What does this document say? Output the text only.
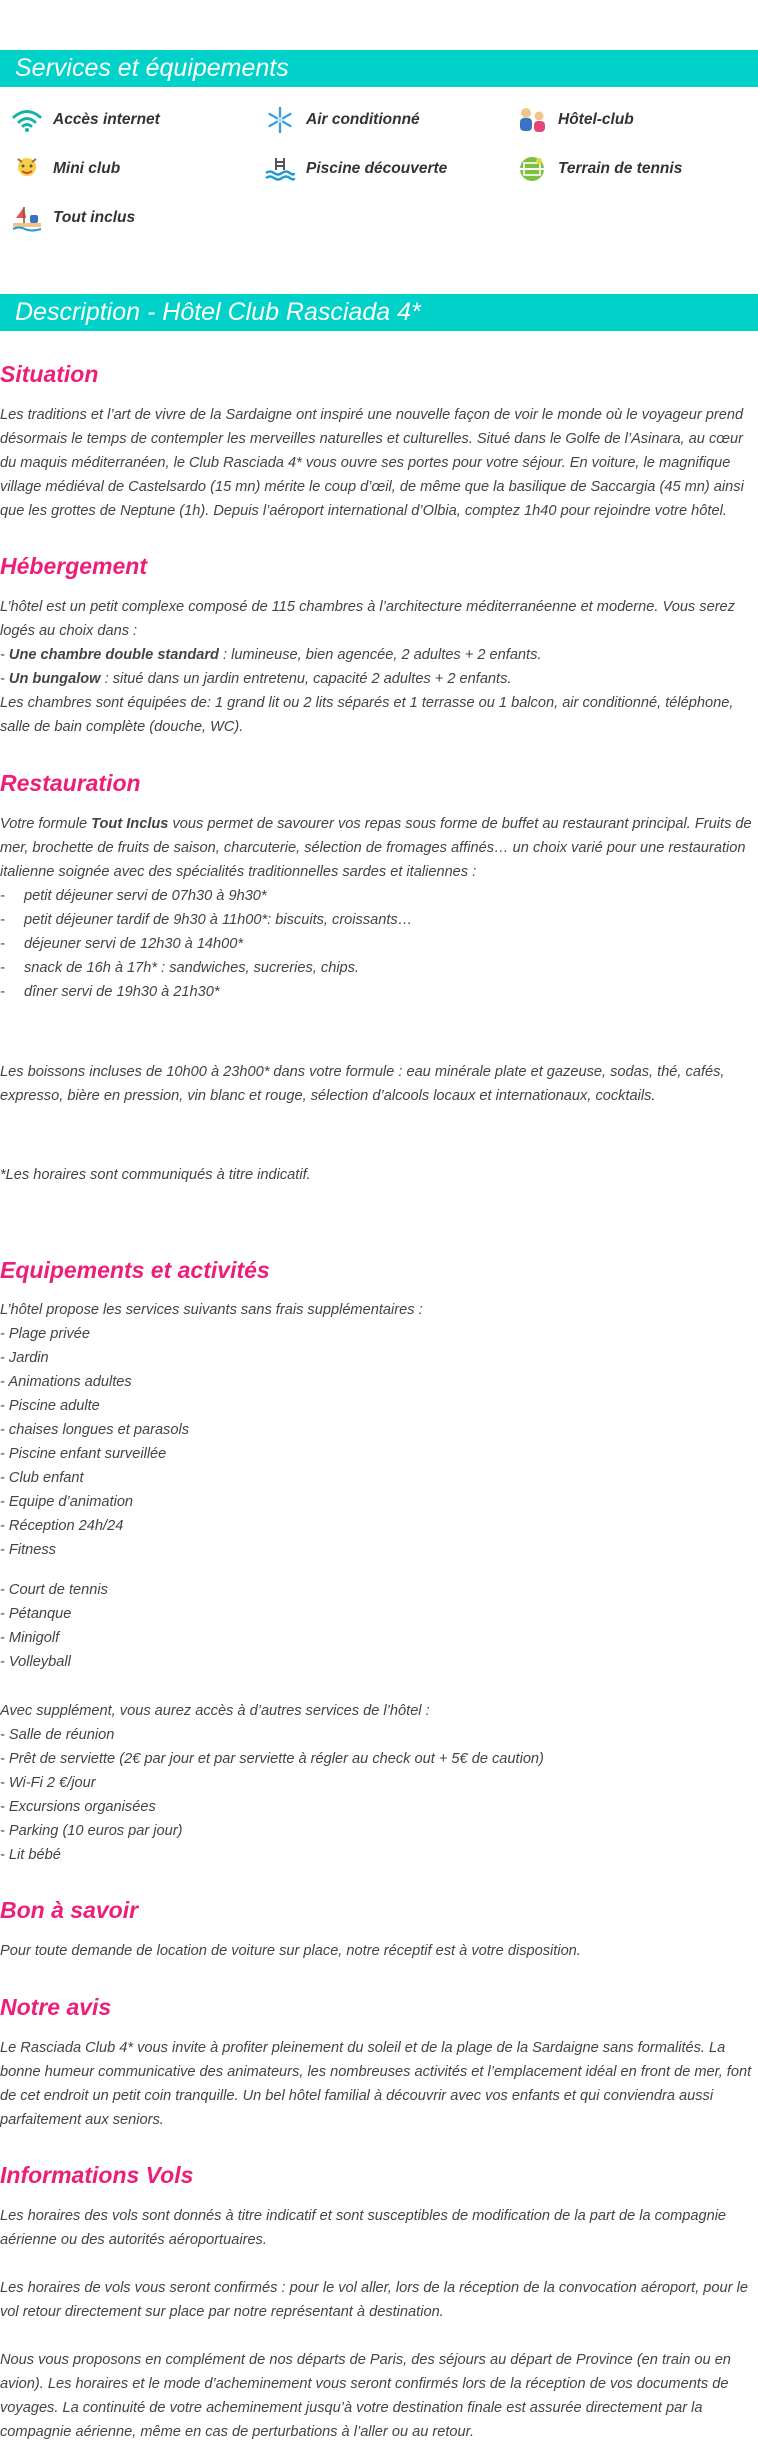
Services et équipements
Accès internet	Air conditionné	Hôtel-club
Mini club	Piscine découverte	Terrain de tennis
Tout inclus
Description - Hôtel Club Rasciada 4*
Situation

Les traditions et l’art de vivre de la Sardaigne ont inspiré une nouvelle façon de voir le monde où le voyageur prend désormais le temps de contempler les merveilles naturelles et culturelles. Situé dans le Golfe de l’Asinara, au cœur du maquis méditerranéen, le Club Rasciada 4* vous ouvre ses portes pour votre séjour. En voiture, le magnifique village médiéval de Castelsardo (15 mn) mérite le coup d’œil, de même que la basilique de Saccargia (45 mn) ainsi que les grottes de Neptune (1h). Depuis l’aéroport international d’Olbia, comptez 1h40 pour rejoindre votre hôtel.

Hébergement

L’hôtel est un petit complexe composé de 115 chambres à l’architecture méditerranéenne et moderne. Vous serez logés au choix dans :

- Une chambre double standard : lumineuse, bien agencée, 2 adultes + 2 enfants.

- Un bungalow : situé dans un jardin entretenu, capacité 2 adultes + 2 enfants.

Les chambres sont équipées de: 1 grand lit ou 2 lits séparés et 1 terrasse ou 1 balcon, air conditionné, téléphone, salle de bain complète (douche, WC).

Restauration

Votre formule Tout Inclus vous permet de savourer vos repas sous forme de buffet au restaurant principal. Fruits de mer, brochette de fruits de saison, charcuterie, sélection de fromages affinés… un choix varié pour une restauration italienne soignée avec des spécialités traditionnelles sardes et italiennes :

- petit déjeuner servi de 07h30 à 9h30*
- petit déjeuner tardif de 9h30 à 11h00*: biscuits, croissants…
- déjeuner servi de 12h30 à 14h00*
- snack de 16h à 17h* : sandwiches, sucreries, chips.
- dîner servi de 19h30 à 21h30*

Les boissons incluses de 10h00 à 23h00* dans votre formule : eau minérale plate et gazeuse, sodas, thé, cafés, expresso, bière en pression, vin blanc et rouge, sélection d’alcools locaux et internationaux, cocktails.

*Les horaires sont communiqués à titre indicatif.

Equipements et activités

L’hôtel propose les services suivants sans frais supplémentaires :

- Plage privée

- Jardin

- Animations adultes

- Piscine adulte

- chaises longues et parasols

- Piscine enfant surveillée

- Club enfant

- Equipe d’animation

- Réception 24h/24

- Fitness

- Court de tennis

- Pétanque

- Minigolf

- Volleyball

Avec supplément, vous aurez accès à d’autres services de l’hôtel :

- Salle de réunion

- Prêt de serviette (2€ par jour et par serviette à régler au check out + 5€ de caution)

- Wi-Fi 2 €/jour

- Excursions organisées

- Parking (10 euros par jour)

- Lit bébé

Bon à savoir

Pour toute demande de location de voiture sur place, notre réceptif est à votre disposition.

Notre avis

Le Rasciada Club 4* vous invite à profiter pleinement du soleil et de la plage de la Sardaigne sans formalités. La bonne humeur communicative des animateurs, les nombreuses activités et l’emplacement idéal en front de mer, font de cet endroit un petit coin tranquille. Un bel hôtel familial à découvrir avec vos enfants et qui conviendra aussi parfaitement aux seniors.

Informations Vols

Les horaires des vols sont donnés à titre indicatif et sont susceptibles de modification de la part de la compagnie aérienne ou des autorités aéroportuaires.

Les horaires de vols vous seront confirmés : pour le vol aller, lors de la réception de la convocation aéroport, pour le vol retour directement sur place par notre représentant à destination.

Nous vous proposons en complément de nos départs de Paris, des séjours au départ de Province (en train ou en avion). Les horaires et le mode d’acheminement vous seront confirmés lors de la réception de vos documents de voyages. La continuité de votre acheminement jusqu’à votre destination finale est assurée directement par la compagnie aérienne, même en cas de perturbations à l’aller ou au retour.
